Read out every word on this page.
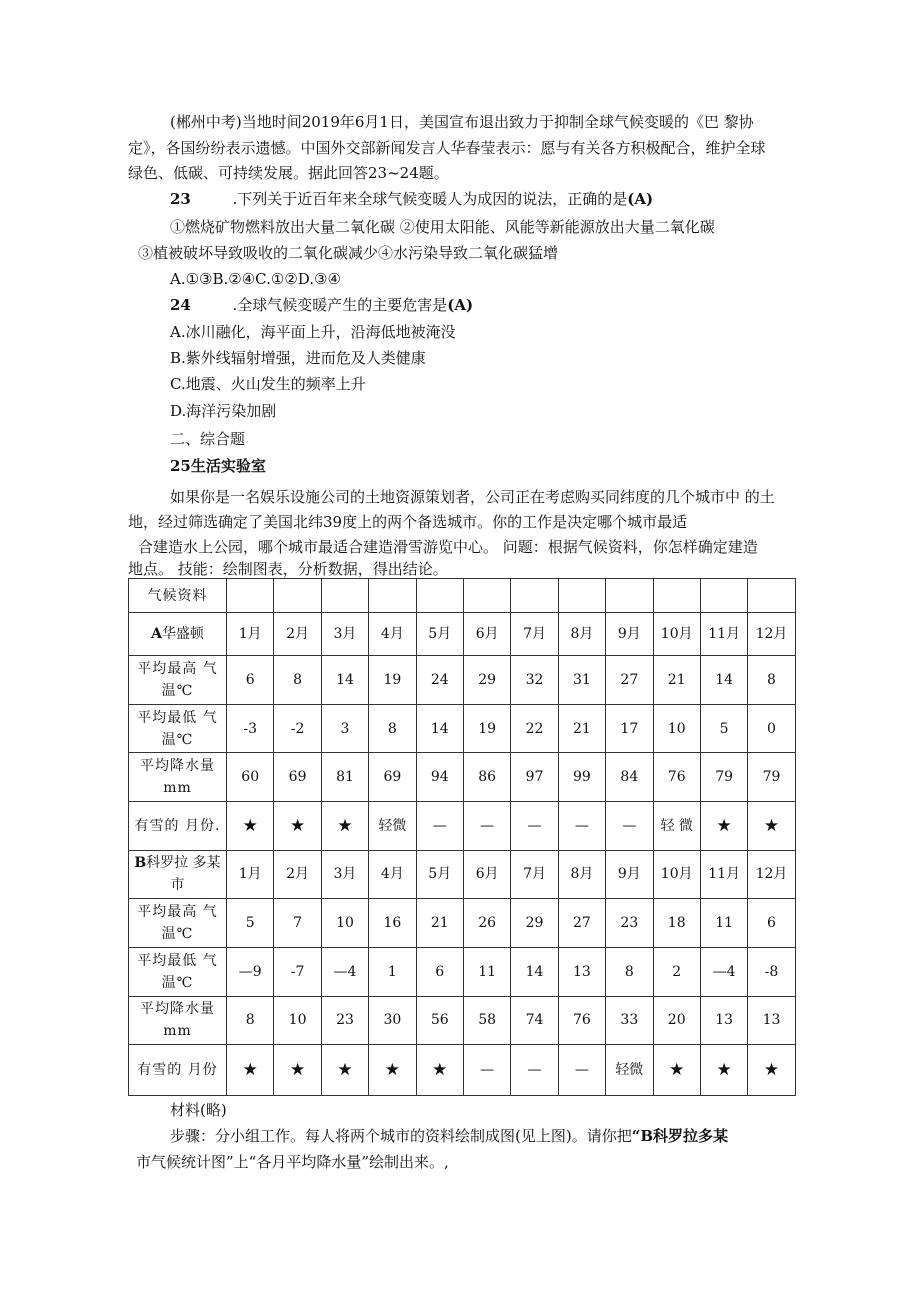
(郴州中考)当地时间2019年6月1日，美国宣布退出致力于抑制全球气候变暖的《巴 黎协
定》，各国纷纷表示遗憾。中国外交部新闻发言人华春莹表示：愿与有关各方积极配合，维护全球
绿色、低碳、可持续发展。据此回答23~24题。
23	.下列关于近百年来全球气候变暖人为成因的说法，正确的是(A)
①燃烧矿物燃料放出大量二氧化碳 ②使用太阳能、风能等新能源放出大量二氧化碳
③植被破坏导致吸收的二氧化碳减少④水污染导致二氧化碳猛增
A.①③B.②④C.①②D.③④
24	.全球气候变暖产生的主要危害是(A)
A.冰川融化，海平面上升，沿海低地被淹没
B.紫外线辐射增强，进而危及人类健康
C.地震、火山发生的频率上升
D.海洋污染加剧
二、综合题
25生活实验室
如果你是一名娱乐设施公司的土地资源策划者，公司正在考虑购买同纬度的几个城市中 的土
地，经过筛选确定了美国北纬39度上的两个备选城市。你的工作是决定哪个城市最适
合建造水上公园，哪个城市最适合建造滑雪游览中心。 问题：根据气候资料，你怎样确定建造
地点。 技能：绘制图表，分析数据，得出结论。
气候资料												
A华盛顿	1月	2月	3月	4月	5月	6月	7月	8月	9月	10月	11月	12月
平均最高 气温℃	6	8	14	19	24	29	32	31	27	21	14	8
平均最低 气温℃	-3	-2	3	8	14	19	22	21	17	10	5	0
平均降水量mm	60	69	81	69	94	86	97	99	84	76	79	79
有雪的 月份.	★	★	★	轻微	—	—	—	—	—	轻 微	★	★
B科罗拉 多某市	1月	2月	3月	4月	5月	6月	7月	8月	9月	10月	11月	12月
平均最高 气温℃	5	7	10	16	21	26	29	27	23	18	11	6
平均最低 气温℃	—9	-7	—4	1	6	11	14	13	8	2	—4	-8
平均降水量mm	8	10	23	30	56	58	74	76	33	20	13	13
有雪的 月份	★	★	★	★	★	—	—	—	轻微	★	★	★
材料(略)
步骤：分小组工作。每人将两个城市的资料绘制成图(见上图)。请你把“B科罗拉多某
市气候统计图”上“各月平均降水量”绘制出来。,
